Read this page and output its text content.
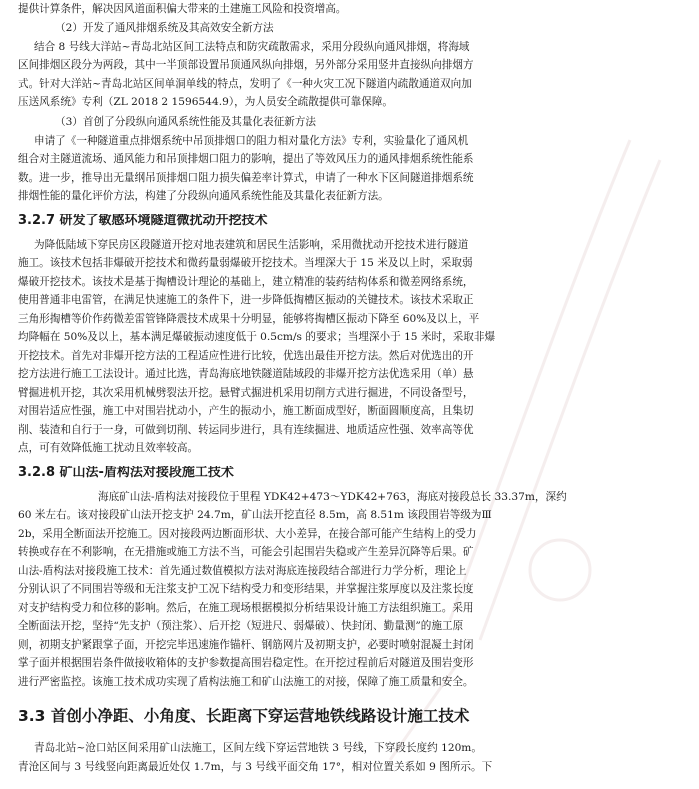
提供计算条件，解决因风道面积偏大带来的土建施工风险和投资增高。
（2）开发了通风排烟系统及其高效安全新方法
结合 8 号线大洋站~青岛北站区间工法特点和防灾疏散需求，采用分段纵向通风排烟，将海域
区间排烟区段分为两段，其中一半顶部设置吊顶通风纵向排烟，另外部分采用竖井直接纵向排烟方
式。针对大洋站~青岛北站区间单洞单线的特点，发明了《一种火灾工况下隧道内疏散通道双向加
压送风系统》专利（ZL 2018 2 1596544.9），为人员安全疏散提供可靠保障。
（3）首创了分段纵向通风系统性能及其量化表征新方法
申请了《一种隧道重点排烟系统中吊顶排烟口的阻力相对量化方法》专利，实验量化了通风机
组合对主隧道流场、通风能力和吊顶排烟口阻力的影响，提出了等效风压力的通风排烟系统性能系
数。进一步，推导出无量纲吊顶排烟口阻力损失偏差率计算式，申请了一种水下区间隧道排烟系统
排烟性能的量化评价方法，构建了分段纵向通风系统性能及其量化表征新方法。
3.2.7 研发了敏感环境隧道微扰动开挖技术
为降低陆域下穿民房区段隧道开挖对地表建筑和居民生活影响，采用微扰动开挖技术进行隧道
施工。该技术包括非爆破开挖技术和微药量弱爆破开挖技术。当埋深大于 15 米及以上时，采取弱
爆破开挖技术。该技术是基于掏槽设计理论的基础上，建立精准的装药结构体系和微差网络系统，
使用普通非电雷管，在满足快速施工的条件下，进一步降低掏槽区振动的关键技术。该技术采取正
三角形掏槽等价作药微差雷管锋降震技术成果十分明显，能够将掏槽区振动下降至 60%及以上，平
均降幅在 50%及以上，基本满足爆破振动速度低于 0.5cm/s 的要求；当埋深小于 15 米时，采取非爆
开挖技术。首先对非爆开挖方法的工程适应性进行比较，优选出最佳开挖方法。然后对优选出的开
挖方法进行施工工法设计。通过比选，青岛海底地铁隧道陆域段的非爆开挖方法优选采用（单）悬
臂掘进机开挖，其次采用机械劈裂法开挖。悬臂式掘进机采用切削方式进行掘进，不同设备型号，
对围岩适应性强，施工中对围岩扰动小，产生的振动小，施工断面成型好，断面圆顺度高，且集切
削、装渣和自行于一身，可做到切削、转运同步进行，具有连续掘进、地质适应性强、效率高等优
点，可有效降低施工扰动且效率较高。
3.2.8 矿山法-盾构法对接段施工技术
海底矿山法-盾构法对接段位于里程 YDK42+473～YDK42+763，海底对接段总长 33.37m，深约
60 米左右。该对接段矿山法开挖支护 24.7m，矿山法开挖直径 8.5m，高 8.51m 该段围岩等级为Ⅲ
2b，采用全断面法开挖施工。因对接段两边断面形状、大小差异，在接合部可能产生结构上的受力
转换或存在不利影响，在无措施或施工方法不当，可能会引起围岩失稳或产生差异沉降等后果。矿
山法-盾构法对接段施工技术：首先通过数值模拟方法对海底连接段结合部进行力学分析，理论上
分别认识了不同围岩等级和无注浆支护工况下结构受力和变形结果，并掌握注浆厚度以及注浆长度
对支护结构受力和位移的影响。然后，在施工现场根据模拟分析结果设计施工方法组织施工。采用
全断面法开挖，坚持“先支护（预注浆）、后开挖（短进尺、弱爆破）、快封闭、勤量测”的施工原
则，初期支护紧跟掌子面，开挖完毕迅速施作锚杆、钢筋网片及初期支护，必要时喷射混凝土封闭
掌子面并根据围岩条件做接收箱体的支护参数提高围岩稳定性。在开挖过程前后对隧道及围岩变形
进行严密监控。该施工技术成功实现了盾构法施工和矿山法施工的对接，保障了施工质量和安全。
3.3 首创小净距、小角度、长距离下穿运营地铁线路设计施工技术
青岛北站~沧口站区间采用矿山法施工，区间左线下穿运营地铁 3 号线，下穿段长度约 120m。
青沧区间与 3 号线竖向距离最近处仅 1.7m，与 3 号线平面交角 17°，相对位置关系如 9 图所示。下
